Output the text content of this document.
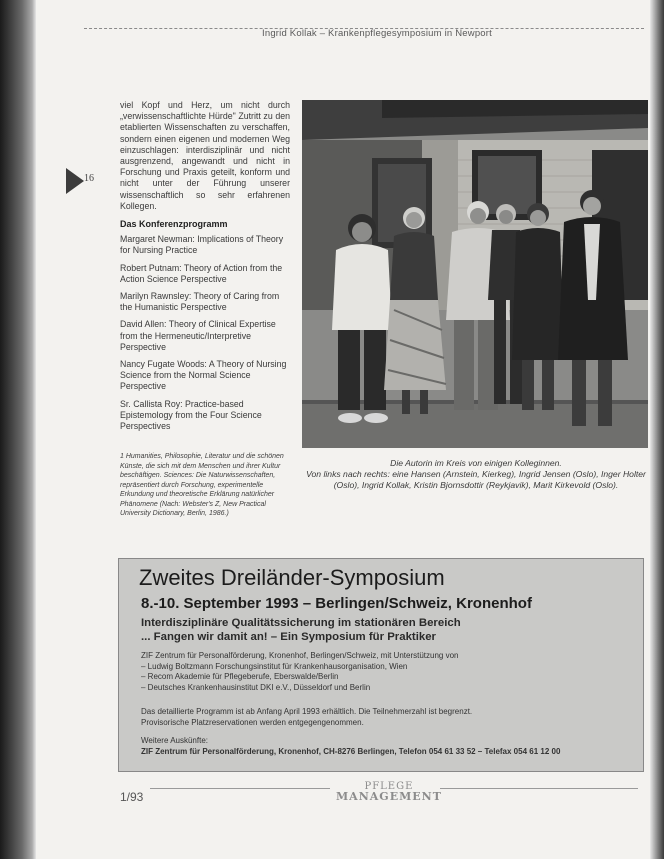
Ingrid Kollak – Krankenpflegesymposium in Newport
16

viel Kopf und Herz, um nicht durch „verwissenschaftlichte Hürde" Zutritt zu den etablierten Wissenschaften zu verschaffen, sondern einen eigenen und modernen Weg einzuschlagen: interdisziplinär und nicht ausgrenzend, angewandt und nicht in Forschung und Praxis geteilt, konform und nicht unter der Führung unserer wissenschaftlich so sehr erfahrenen Kollegen.

Das Konferenzprogramm
Margaret Newman: Implications of Theory for Nursing Practice
Robert Putnam: Theory of Action from the Action Science Perspective
Marilyn Rawnsley: Theory of Caring from the Humanistic Perspective
David Allen: Theory of Clinical Expertise from the Hermeneutic/Interpretive Perspective
Nancy Fugate Woods: A Theory of Nursing Science from the Normal Science Perspective
Sr. Callista Roy: Practice-based Epistemology from the Four Science Perspectives
1 Humanities, Philosophie, Literatur und die schönen Künste, die sich mit dem Menschen und ihrer Kultur beschäftigen. Sciences: Die Naturwissenschaften, repräsentiert durch Forschung, experimentelle Erkundung und theoretische Erklärung natürlicher Phänomene (Nach: Webster's Z, New Practical University Dictionary, Berlin, 1986.)
Die Autorin im Kreis von einigen Kolleginnen.
Von links nach rechts: eine Hansen (Arnstein, Kierkeg), Ingrid Jensen (Oslo), Inger Holter (Oslo), Ingrid Kollak, Kristin Bjornsdottir (Reykjavik), Marit Kirkevold (Oslo).
Zweites Dreiländer-Symposium
8.-10. September 1993 – Berlingen/Schweiz, Kronenhof
Interdisziplinäre Qualitätssicherung im stationären Bereich
... Fangen wir damit an! – Ein Symposium für Praktiker
ZIF Zentrum für Personalförderung, Kronenhof, Berlingen/Schweiz, mit Unterstützung von
– Ludwig Boltzmann Forschungsinstitut für Krankenhausorganisation, Wien
– Recom Akademie für Pflegeberufe, Eberswalde/Berlin
– Deutsches Krankenhausinstitut DKI e.V., Düsseldorf und Berlin
Das detaillierte Programm ist ab Anfang April 1993 erhältlich. Die Teilnehmerzahl ist begrenzt.
Provisorische Platzreservationen werden entgegengenommen.
Weitere Auskünfte:
ZIF Zentrum für Personalförderung, Kronenhof, CH-8276 Berlingen, Telefon 054 61 33 52 – Telefax 054 61 12 00
1/93
PFLEGE
MANAGEMENT
